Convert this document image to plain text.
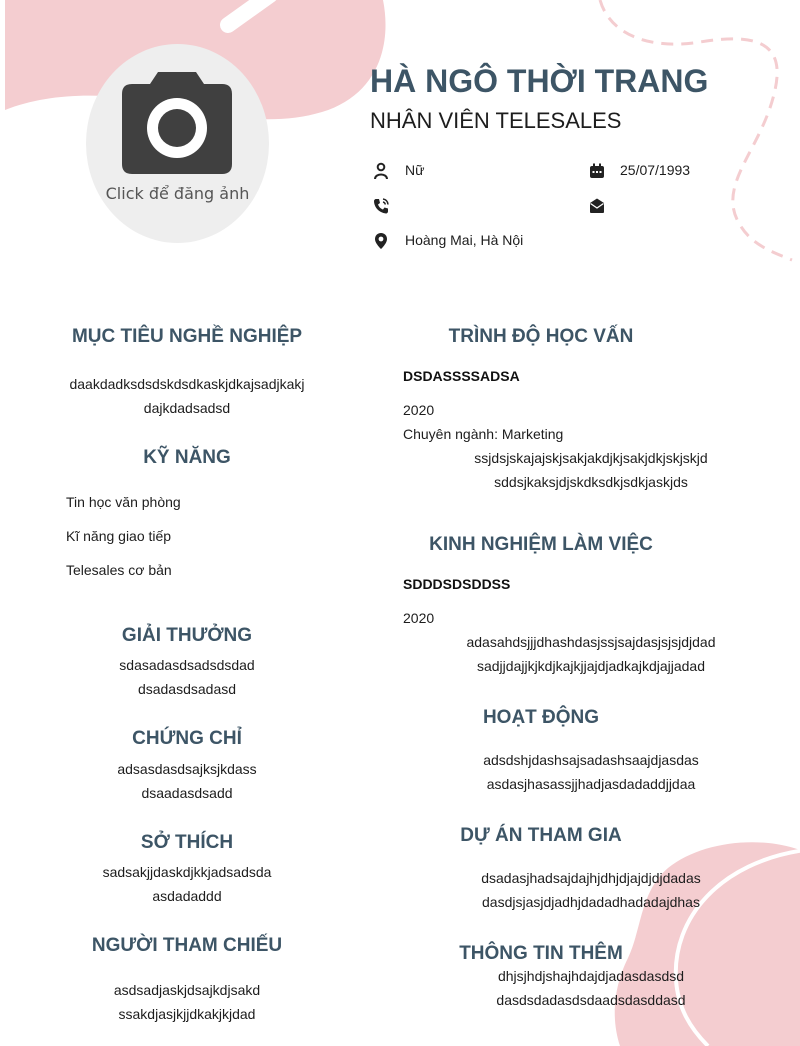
Click để đăng ảnh
HÀ NGÔ THỜI TRANG
NHÂN VIÊN TELESALES
Nữ	25/07/1993
Hoàng Mai, Hà Nội
MỤC TIÊU NGHỀ NGHIỆP
daakdadksdsdskdsdkaskjdkajsadjkakj
dajkdadsadsd
KỸ NĂNG
Tin học văn phòng
Kĩ năng giao tiếp
Telesales cơ bản
GIẢI THƯỞNG
sdasadasdsadsdsdad
dsadasdsadasd
CHỨNG CHỈ
adsasdasdsajksjkdass
dsaadasdsadd
SỞ THÍCH
sadsakjjdaskdjkkjadsadsda
asdadaddd
NGƯỜI THAM CHIẾU
asdsadjaskjdsajkdjsakd
ssakdjasjkjjdkakjkjdad
TRÌNH ĐỘ HỌC VẤN
DSDASSSSADSA
2020
Chuyên ngành: Marketing
ssjdsjskajajskjsakjakdjkjsakjdkjskjskjd
sddsjkaksjdjskdksdkjsdkjaskjds
KINH NGHIỆM LÀM VIỆC
SDDDSDSDDSS
2020
adasahdsjjjdhashdasjssjsajdasjsjsjdjdad
sadjjdajjkjkdjkajkjjajdjadkajkdjajjadad
HOẠT ĐỘNG
adsdshjdashsajsadashsaajdjasdas
asdasjhasassjjhadjasdadaddjjdaa
DỰ ÁN THAM GIA
dsadasjhadsajdajhjdhjdjajdjdjdadas
dasdjsjasjdjadhjdadadhadadajdhas
THÔNG TIN THÊM
dhjsjhdjshajhdajdjadasdasdsd
dasdsdadasdsdaadsdasddasd
